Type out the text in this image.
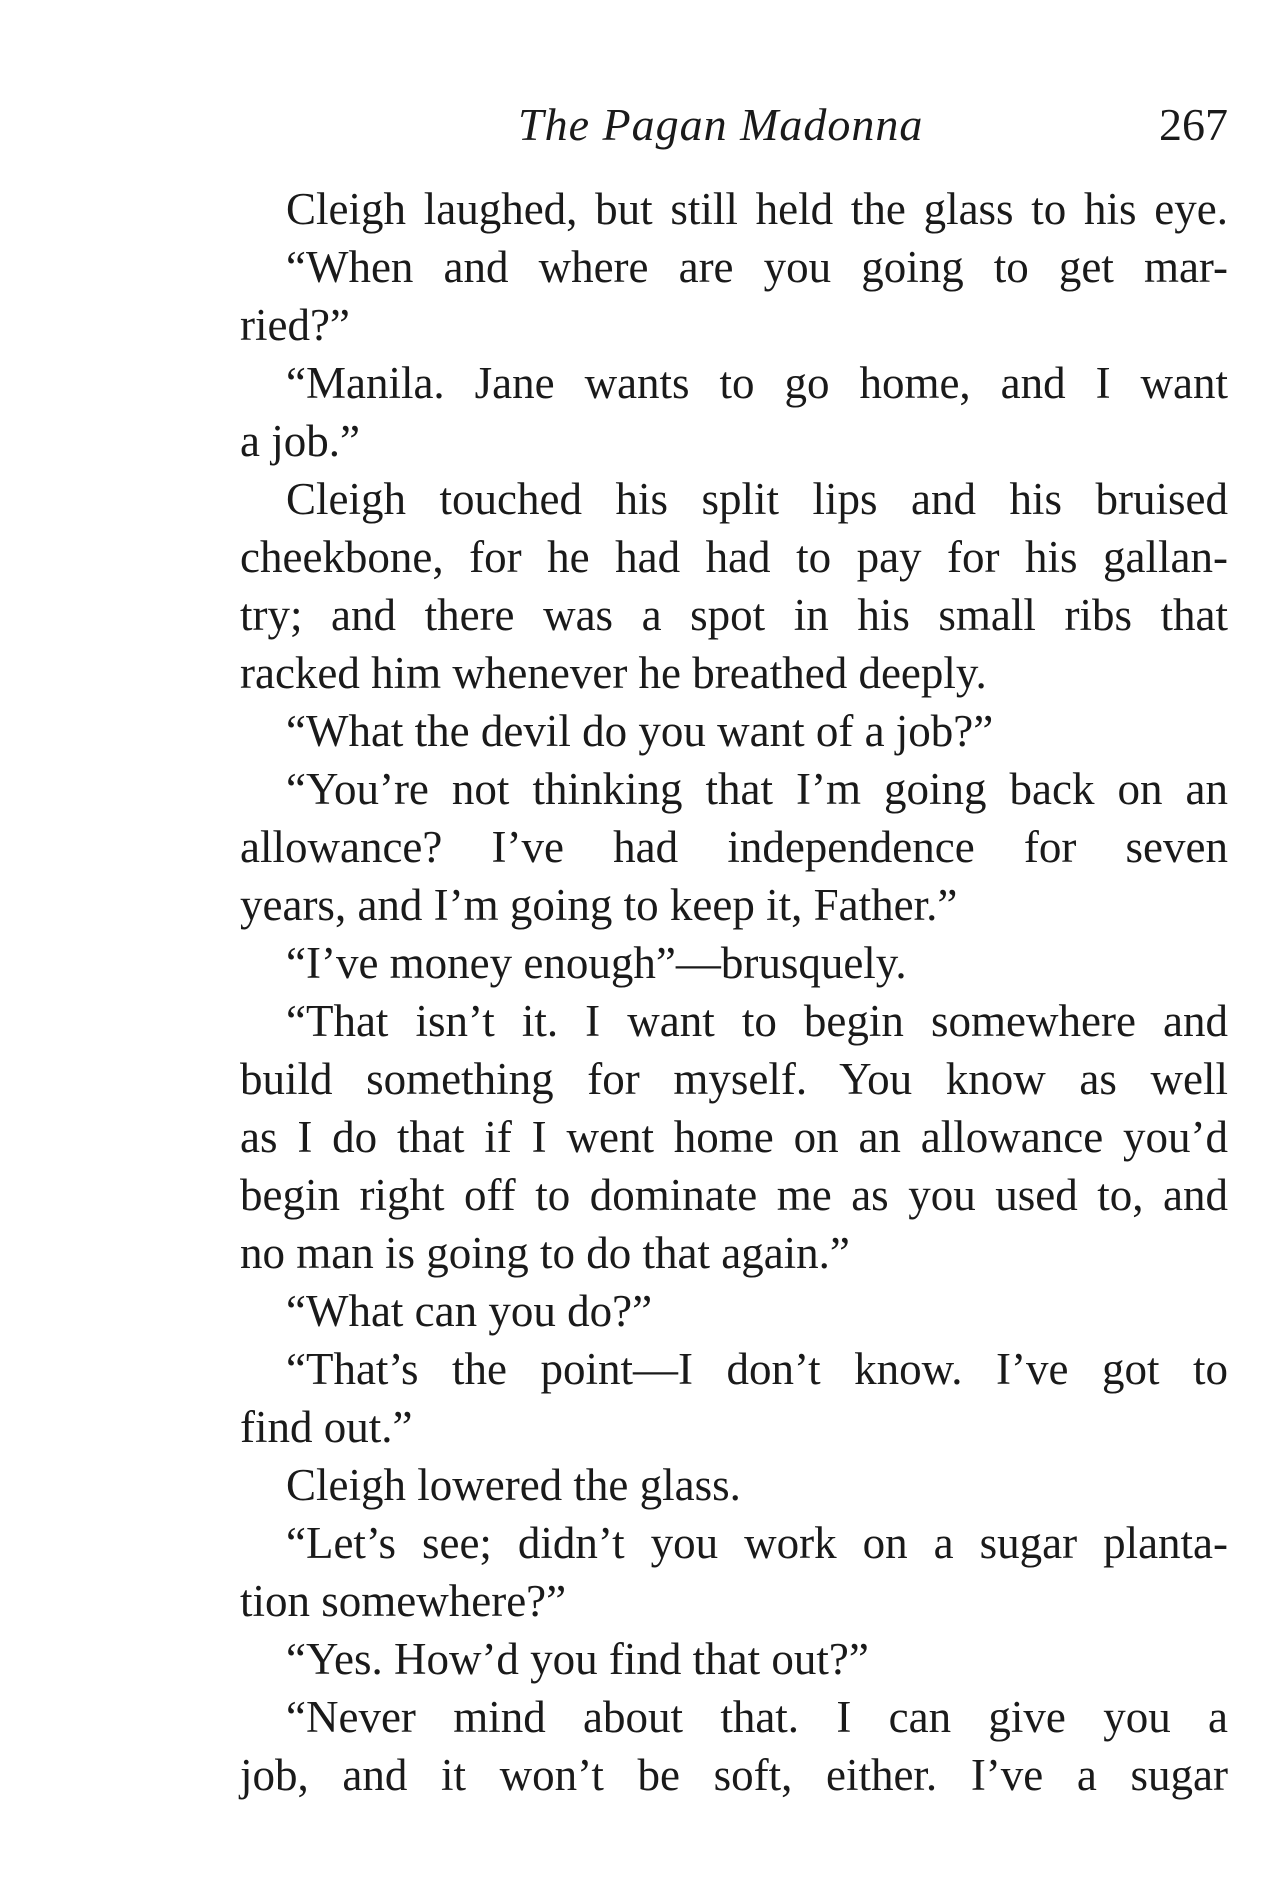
The Pagan Madonna	267
Cleigh laughed, but still held the glass to his eye.
“When and where are you going to get mar-
ried?”
“Manila. Jane wants to go home, and I want
a job.”
Cleigh touched his split lips and his bruised
cheekbone, for he had had to pay for his gallan-
try; and there was a spot in his small ribs that
racked him whenever he breathed deeply.
“What the devil do you want of a job?”
“You’re not thinking that I’m going back on an
allowance? I’ve had independence for seven
years, and I’m going to keep it, Father.”
“I’ve money enough”—brusquely.
“That isn’t it. I want to begin somewhere and
build something for myself. You know as well
as I do that if I went home on an allowance you’d
begin right off to dominate me as you used to, and
no man is going to do that again.”
“What can you do?”
“That’s the point—I don’t know. I’ve got to
find out.”
Cleigh lowered the glass.
“Let’s see; didn’t you work on a sugar planta-
tion somewhere?”
“Yes. How’d you find that out?”
“Never mind about that. I can give you a
job, and it won’t be soft, either. I’ve a sugar
